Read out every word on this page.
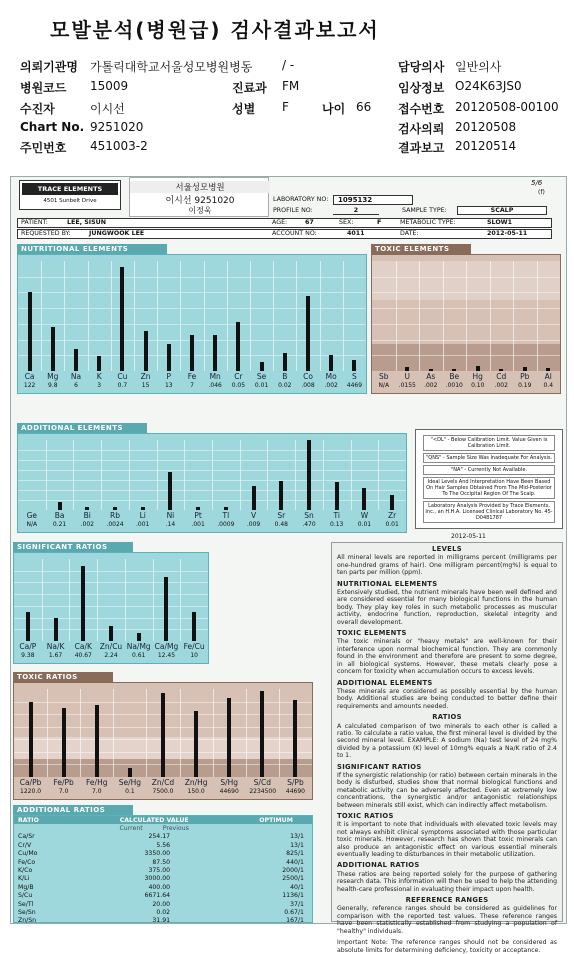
모발분석(병원급) 검사결과보고서
TRACE ELEMENTS
4501 Sunbelt Drive
서울성모병원
이시선 9251020
이정욱
5/6
(f)
LABORATORY NO:	1095132
PROFILE NO:	2	SAMPLE TYPE:	SCALP
PATIENT:	LEE, SISUN	AGE:	67	SEX:	F	METABOLIC TYPE:	SLOW1
REQUESTED BY:	JUNGWOOK LEE	ACCOUNT NO:	4011	DATE:	2012-05-11
NUTRITIONAL ELEMENTS	TOXIC ELEMENTS
Ca
122
Mg
9.8
Na
6
K
3
Cu
0.7
Zn
15
P
13
Fe
7
Mn
.046
Cr
0.05
Se
0.01
B
0.02
Co
.008
Mo
.002
S
4469
Sb
N/A
U
.0155
As
.002
Be
.0010
Hg
0.10
Cd
.002
Pb
0.19
Al
0.4
ADDITIONAL ELEMENTS
Ge
N/A
Ba
0.21
Bi
.002
Rb
.0024
Li
.001
Ni
.14
Pt
.001
Tl
.0009
V
.009
Sr
0.48
Sn
.470
Ti
0.13
W
0.01
Zr
0.01
"<DL" - Below Calibration Limit. Value Given is Calibration Limit.
"QNS" - Sample Size Was Inadequate For Analysis.
"NA" - Currently Not Available.
Ideal Levels And Interpretation Have Been Based On Hair Samples Obtained From The Mid-Posterior To The Occipital Region Of The Scalp.
Laboratory Analysis Provided by Trace Elements, Inc., an H.H.A. Licensed Clinical Laboratory No. 45-D0481787
2012-05-11
SIGNIFICANT RATIOS
Ca/P
9.38
Na/K
1.67
Ca/K
40.67
Zn/Cu
2.24
Na/Mg
0.61
Ca/Mg
12.45
Fe/Cu
10
TOXIC RATIOS
Ca/Pb
1220.0
Fe/Pb
7.0
Fe/Hg
7.0
Se/Hg
0.1
Zn/Cd
7500.0
Zn/Hg
150.0
S/Hg
44690
S/Cd
2234500
S/Pb
44690
ADDITIONAL RATIOS
RATIO	CALCULATED VALUE	OPTIMUM
	Current Previous	
Ca/Sr	254.17	13/1
Cr/V	5.56	13/1
Cu/Mo	3350.00	825/1
Fe/Co	87.50	440/1
K/Co	375.00	2000/1
K/Li	3000.00	2500/1
Mg/B	400.00	40/1
S/Cu	6671.64	1136/1
Se/Tl	20.00	37/1
Se/Sn	0.02	0.67/1
Zn/Sn	31.91	167/1
LEVELS

All mineral levels are reported in milligrams percent (milligrams per one-hundred grams of hair). One milligram percent(mg%) is equal to ten parts per million (ppm).

NUTRITIONAL ELEMENTS

Extensively studied, the nutrient minerals have been well defined and are considered essential for many biological functions in the human body. They play key roles in such metabolic processes as muscular activity, endocrine function, reproduction, skeletal integrity and overall development.

TOXIC ELEMENTS

The toxic minerals or "heavy metals" are well-known for their interference upon normal biochemical function. They are commonly found in the environment and therefore are present to some degree, in all biological systems. However, these metals clearly pose a concern for toxicity when accumulation occurs to excess levels.

ADDITIONAL ELEMENTS

These minerals are considered as possibly essential by the human body. Additional studies are being conducted to better define their requirements and amounts needed.

RATIOS

A calculated comparison of two minerals to each other is called a ratio. To calculate a ratio value, the first mineral level is divided by the second mineral level. EXAMPLE: A sodium (Na) test level of 24 mg% divided by a potassium (K) level of 10mg% equals a Na/K ratio of 2.4 to 1.

SIGNIFICANT RATIOS

If the synergistic relationship (or ratio) between certain minerals in the body is disturbed, studies show that normal biological functions and metabolic activity can be adversely affected. Even at extremely low concentrations, the synergistic and/or antagonistic relationships between minerals still exist, which can indirectly affect metabolism.

TOXIC RATIOS

It is important to note that individuals with elevated toxic levels may not always exhibit clinical symptoms associated with those particular toxic minerals. However, research has shown that toxic minerals can also produce an antagonistic effect on various essential minerals eventually leading to disturbances in their metabolic utilization.

ADDITIONAL RATIOS

These ratios are being reported solely for the purpose of gathering research data. This information will then be used to help the attending health-care professional in evaluating their impact upon health.

REFERENCE RANGES

Generally, reference ranges should be considered as guidelines for comparison with the reported test values. These reference ranges have been statistically established from studying a population of "healthy" individuals.

Important Note: The reference ranges should not be considered as absolute limits for determining deficiency, toxicity or acceptance.

의뢰기관명 가톨릭대학교서울성모병원병동 / -	담당의사 일반의사
병원코드 15009	진료과 FM	임상정보 O24K63JS0
수진자	이시선	성별 F	나이 66 접수번호 20120508-00100
Chart No. 9251020	검사의뢰 20120508
주민번호 451003-2	결과보고 20120514
